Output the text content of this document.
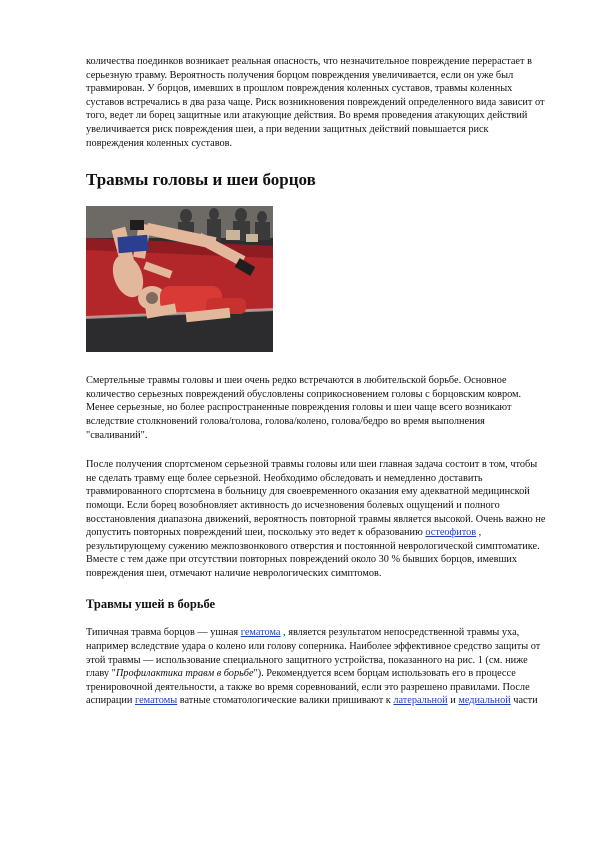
количества поединков возникает реальная опасность, что незначительное повреждение перерастает в серьезную травму. Вероятность получения борцом повреждения увеличивается, если он уже был травмирован. У борцов, имевших в прошлом повреждения коленных суставов, травмы коленных суставов встречались в два раза чаще. Риск возникновения повреждений определенного вида зависит от того, ведет ли борец защитные или атакующие действия. Во время проведения атакующих действий увеличивается риск повреждения шеи, а при ведении защитных действий повышается риск повреждения коленных суставов.

Травмы головы и шеи борцов

Смертельные травмы головы и шеи очень редко встречаются в любительской борьбе. Основное количество серьезных повреждений обусловлены соприкосновением головы с борцовским ковром. Менее серьезные, но более распространенные повреждения головы и шеи чаще всего возникают вследствие столкновений голова/голова, голова/колено, голова/бедро во время выполнения "сваливаний".

После получения спортсменом серьезной травмы головы или шеи главная задача состоит в том, чтобы не сделать травму еще более серьезной. Необходимо обследовать и немедленно доставить травмированного спортсмена в больницу для своевременного оказания ему адекватной медицинской помощи. Если борец возобновляет активность до исчезновения болевых ощущений и полного восстановления диапазона движений, вероятность повторной травмы является высокой. Очень важно не допустить повторных повреждений шеи, поскольку это ведет к образованию остеофитов , результирующему сужению межпозвонкового отверстия и постоянной неврологической симптоматике. Вместе с тем даже при отсутствии повторных повреждений около 30 % бывших борцов, имевших повреждения шеи, отмечают наличие неврологических симптомов.

Травмы ушей в борьбе

Типичная травма борцов — ушная гематома , является результатом непосредственной травмы уха, например вследствие удара о колено или голову соперника. Наиболее эффективное средство защиты от этой травмы — использование специального защитного устройства, показанного на рис. 1 (см. ниже главу "Профилактика травм в борьбе"). Рекомендуется всем борцам использовать его в процессе тренировочной деятельности, а также во время соревнований, если это разрешено правилами. После аспирации гематомы ватные стоматологические валики пришивают к латеральной и медиальной части
